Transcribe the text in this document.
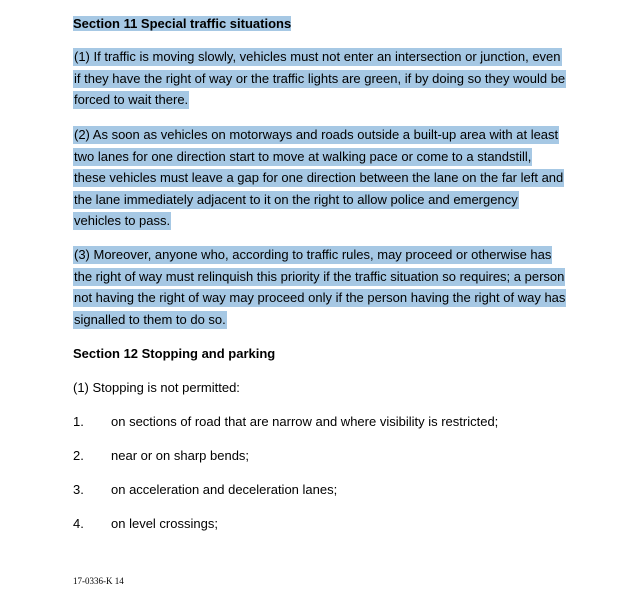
Section 11 Special traffic situations
(1) If traffic is moving slowly, vehicles must not enter an intersection or junction, even
if they have the right of way or the traffic lights are green, if by doing so they would be
forced to wait there.
(2) As soon as vehicles on motorways and roads outside a built-up area with at least
two lanes for one direction start to move at walking pace or come to a standstill,
these vehicles must leave a gap for one direction between the lane on the far left and
the lane immediately adjacent to it on the right to allow police and emergency
vehicles to pass.
(3) Moreover, anyone who, according to traffic rules, may proceed or otherwise has
the right of way must relinquish this priority if the traffic situation so requires; a person
not having the right of way may proceed only if the person having the right of way has
signalled to them to do so.
Section 12 Stopping and parking
(1) Stopping is not permitted:
1. on sections of road that are narrow and where visibility is restricted;
2. near or on sharp bends;
3. on acceleration and deceleration lanes;
4. on level crossings;
17-0336-K 14
